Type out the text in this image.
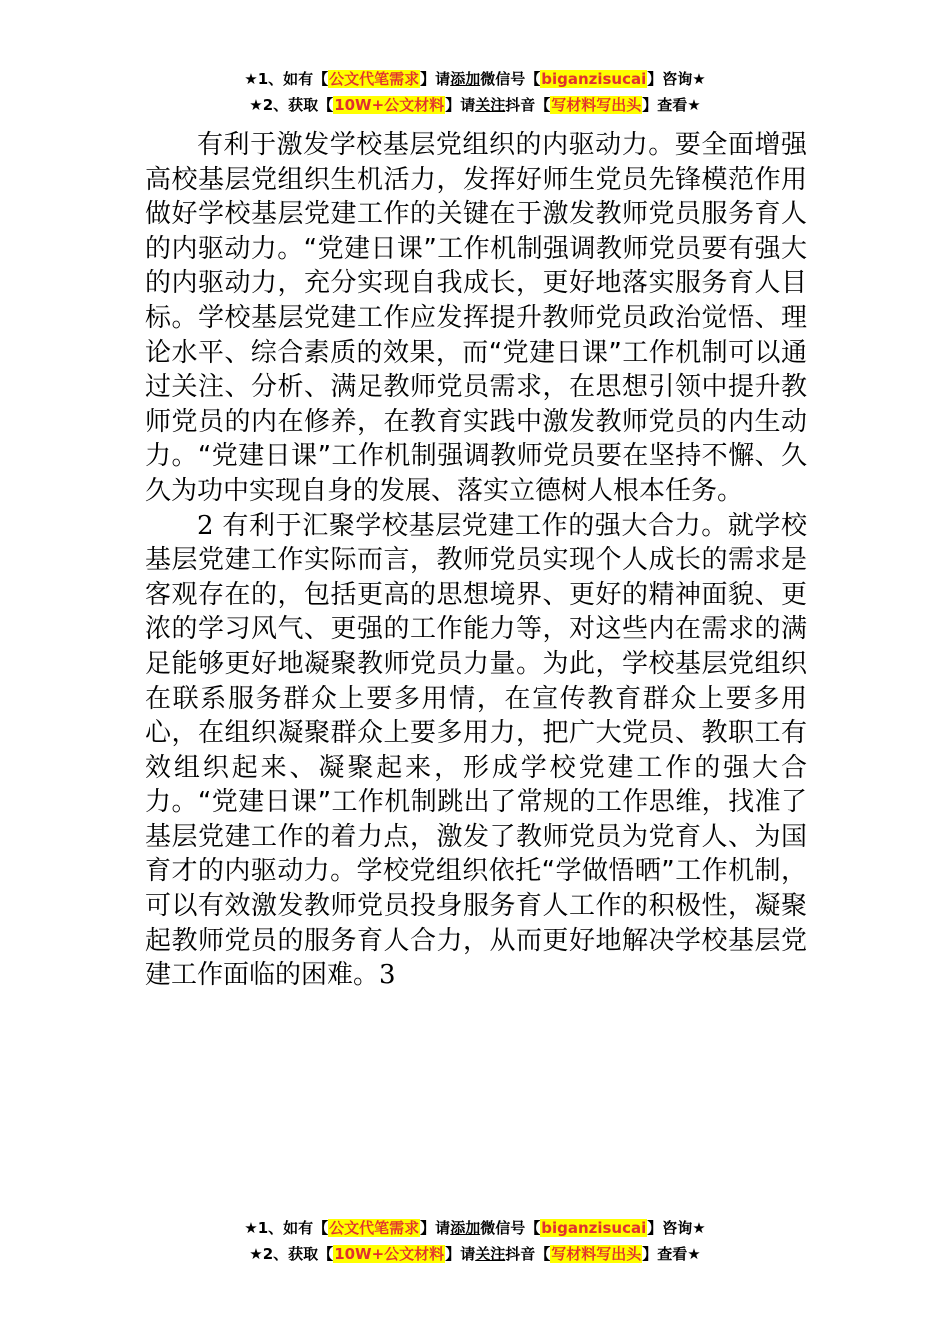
★1、如有【公文代笔需求】请添加微信号【biganzisucai】咨询★
★2、获取【10W+公文材料】请关注抖音【写材料写出头】查看★

有利于激发学校基层党组织的内驱动力。要全面增强高校基层党组织生机活力，发挥好师生党员先锋模范作用做好学校基层党建工作的关键在于激发教师党员服务育人的内驱动力。“党建日课”工作机制强调教师党员要有强大的内驱动力，充分实现自我成长，更好地落实服务育人目标。学校基层党建工作应发挥提升教师党员政治觉悟、理论水平、综合素质的效果，而“党建日课”工作机制可以通过关注、分析、满足教师党员需求，在思想引领中提升教师党员的内在修养，在教育实践中激发教师党员的内生动力。“党建日课”工作机制强调教师党员要在坚持不懈、久久为功中实现自身的发展、落实立德树人根本任务。

2 有利于汇聚学校基层党建工作的强大合力。就学校基层党建工作实际而言，教师党员实现个人成长的需求是客观存在的，包括更高的思想境界、更好的精神面貌、更浓的学习风气、更强的工作能力等，对这些内在需求的满足能够更好地凝聚教师党员力量。为此，学校基层党组织在联系服务群众上要多用情，在宣传教育群众上要多用心，在组织凝聚群众上要多用力，把广大党员、教职工有效组织起来、凝聚起来，形成学校党建工作的强大合力。“党建日课”工作机制跳出了常规的工作思维，找准了基层党建工作的着力点，激发了教师党员为党育人、为国育才的内驱动力。学校党组织依托“学做悟晒”工作机制，可以有效激发教师党员投身服务育人工作的积极性，凝聚起教师党员的服务育人合力，从而更好地解决学校基层党建工作面临的困难。3

★1、如有【公文代笔需求】请添加微信号【biganzisucai】咨询★
★2、获取【10W+公文材料】请关注抖音【写材料写出头】查看★
